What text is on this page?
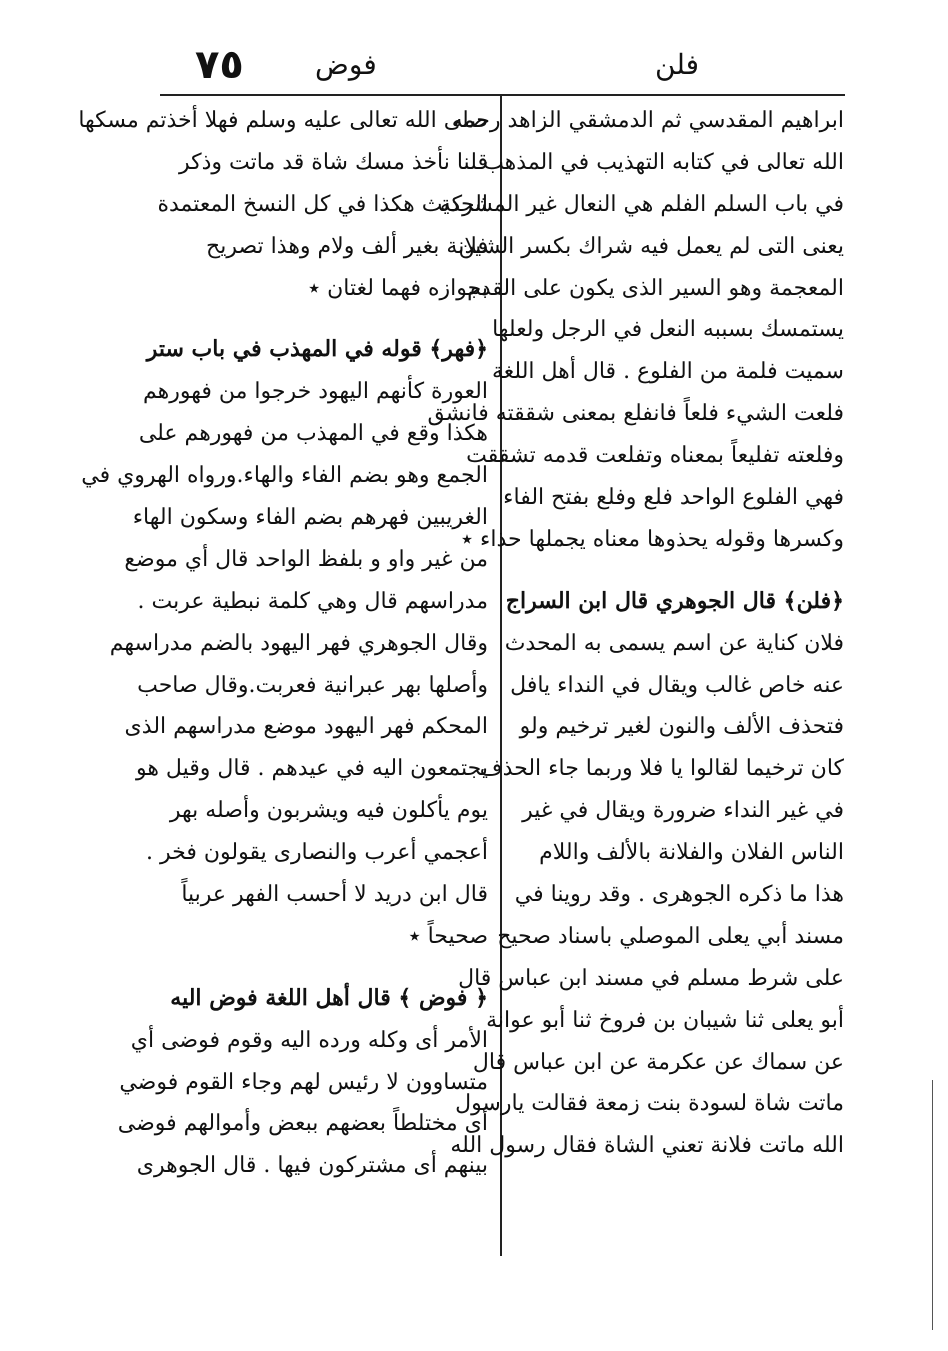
٧٥	فوض	فلن
ابراهيم المقدسي ثم الدمشقي الزاهد رحمه
الله تعالى في كتابه التهذيب في المذهب
في باب السلم الفلم هي النعال غير المشركة
يعنى التى لم يعمل فيه شراك بكسر الشين
المعجمة وهو السير الذى يكون على القدم
يستمسك بسببه النعل في الرجل ولعلها
سميت فلمة من الفلوع . قال أهل اللغة
فلعت الشيء فلعاً فانفلع بمعنى شققته فانشق
وفلعته تفليعاً بمعناه وتفلعت قدمه تشققت
فهي الفلوع الواحد فلع وفلع بفتح الفاء
وكسرها وقوله يحذوها معناه يجملها حذاء ٭
﴿فلن﴾ قال الجوهري قال ابن السراج
فلان كناية عن اسم يسمى به المحدث
عنه خاص غالب ويقال في النداء يافل
فتحذف الألف والنون لغير ترخيم ولو
كان ترخيما لقالوا يا فلا وربما جاء الحذف
في غير النداء ضرورة ويقال في غير
الناس الفلان والفلانة بالألف واللام
هذا ما ذكره الجوهرى . وقد روينا في
مسند أبي يعلى الموصلي باسناد صحيح
على شرط مسلم في مسند ابن عباس قال
أبو يعلى ثنا شيبان بن فروخ ثنا أبو عوانة
عن سماك عن عكرمة عن ابن عباس قال
ماتت شاة لسودة بنت زمعة فقالت يارسول
الله ماتت فلانة تعني الشاة فقال رسول الله
صلى الله تعالى عليه وسلم فهلا أخذتم مسكها
قلنا نأخذ مسك شاة قد ماتت وذكر
الحديث هكذا في كل النسخ المعتمدة
فلانة بغير ألف ولام وهذا تصريح
بجوازه فهما لغتان ٭
﴿فهر﴾ قوله في المهذب في باب ستر
العورة كأنهم اليهود خرجوا من فهورهم
هكذا وقع في المهذب من فهورهم على
الجمع وهو بضم الفاء والهاء.ورواه الهروي في
الغريبين فهرهم بضم الفاء وسكون الهاء
من غير واو و بلفظ الواحد قال أي موضع
مدراسهم قال وهي كلمة نبطية عربت .
وقال الجوهري فهر اليهود بالضم مدراسهم
وأصلها بهر عبرانية فعربت.وقال صاحب
المحكم فهر اليهود موضع مدراسهم الذى
يجتمعون اليه في عيدهم . قال وقيل هو
يوم يأكلون فيه ويشربون وأصله بهر
أعجمي أعرب والنصارى يقولون فخر .
قال ابن دريد لا أحسب الفهر عربياً
صحيحاً ٭
﴿ فوض ﴾ قال أهل اللغة فوض اليه
الأمر أى وكله ورده اليه وقوم فوضى أي
متساوون لا رئيس لهم وجاء القوم فوضي
أى مختلطاً بعضهم ببعض وأموالهم فوضى
بينهم أى مشتركون فيها . قال الجوهرى
